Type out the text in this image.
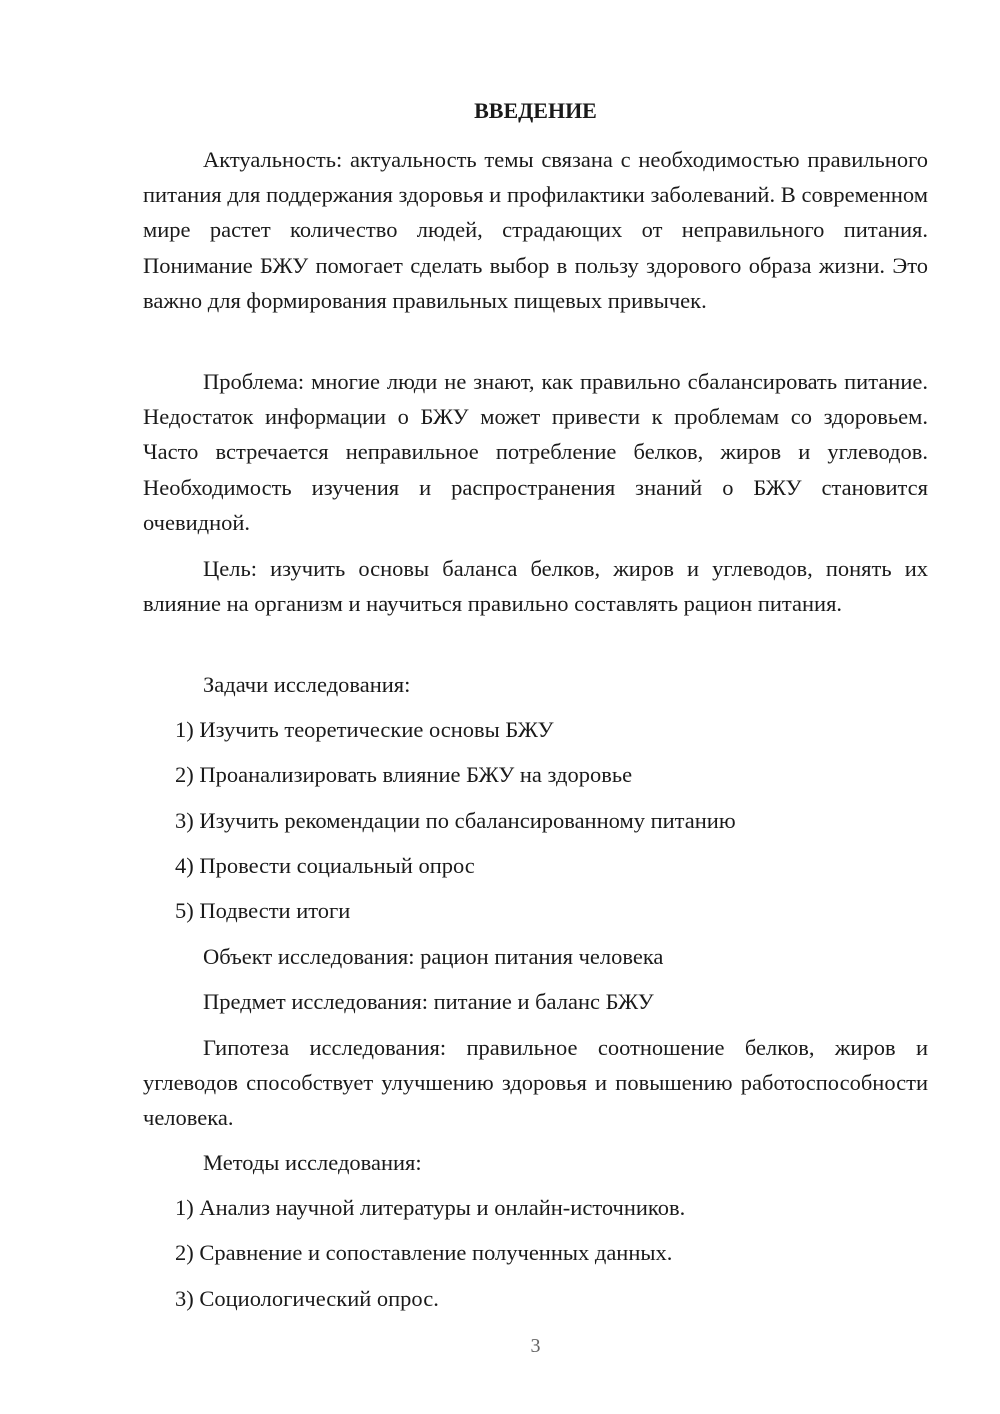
ВВЕДЕНИЕ

Актуальность: актуальность темы связана с необходимостью правильного питания для поддержания здоровья и профилактики заболеваний. В современном мире растет количество людей, страдающих от неправильного питания. Понимание БЖУ помогает сделать выбор в пользу здорового образа жизни. Это важно для формирования правильных пищевых привычек.

Проблема: многие люди не знают, как правильно сбалансировать питание. Недостаток информации о БЖУ может привести к проблемам со здоровьем. Часто встречается неправильное потребление белков, жиров и углеводов. Необходимость изучения и распространения знаний о БЖУ становится очевидной.

Цель: изучить основы баланса белков, жиров и углеводов, понять их влияние на организм и научиться правильно составлять рацион питания.

Задачи исследования:

1) Изучить теоретические основы БЖУ

2) Проанализировать влияние БЖУ на здоровье

3) Изучить рекомендации по сбалансированному питанию

4) Провести социальный опрос

5) Подвести итоги

Объект исследования: рацион питания человека

Предмет исследования: питание и баланс БЖУ

Гипотеза исследования: правильное соотношение белков, жиров и углеводов способствует улучшению здоровья и повышению работоспособности человека.

Методы исследования:

1) Анализ научной литературы и онлайн-источников.

2) Сравнение и сопоставление полученных данных.

3) Социологический опрос.

3
